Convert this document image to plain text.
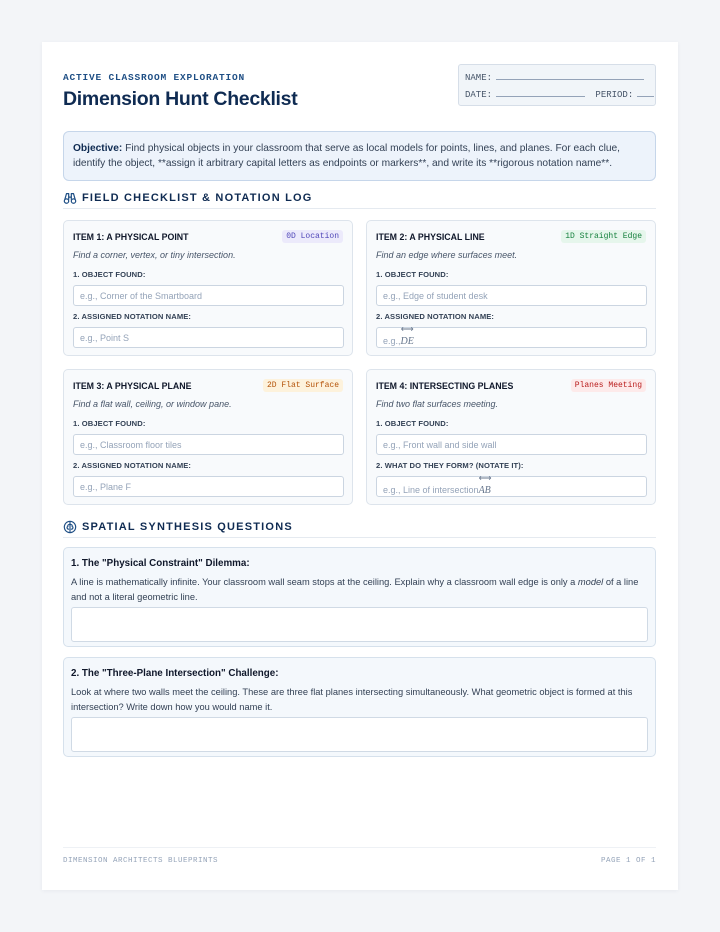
ACTIVE CLASSROOM EXPLORATION
Dimension Hunt Checklist
NAME:
DATE:	PERIOD:
Objective: Find physical objects in your classroom that serve as local models for points, lines, and planes. For each clue, identify the object, **assign it arbitrary capital letters as endpoints or markers**, and write its **rigorous notation name**.
FIELD CHECKLIST & NOTATION LOG
ITEM 1: A PHYSICAL POINT	0D Location
Find a corner, vertex, or tiny intersection.
1. OBJECT FOUND:
e.g., Corner of the Smartboard
2. ASSIGNED NOTATION NAME:
e.g., Point S
ITEM 2: A PHYSICAL LINE	1D Straight Edge
Find an edge where surfaces meet.
1. OBJECT FOUND:
e.g., Edge of student desk
2. ASSIGNED NOTATION NAME:
e.g.,
⟷
DE
ITEM 3: A PHYSICAL PLANE	2D Flat Surface
Find a flat wall, ceiling, or window pane.
1. OBJECT FOUND:
e.g., Classroom floor tiles
2. ASSIGNED NOTATION NAME:
e.g., Plane F
ITEM 4: INTERSECTING PLANES	Planes Meeting
Find two flat surfaces meeting.
1. OBJECT FOUND:
e.g., Front wall and side wall
2. WHAT DO THEY FORM? (NOTATE IT):
e.g., Line of intersection
⟷
AB
SPATIAL SYNTHESIS QUESTIONS
1. The "Physical Constraint" Dilemma:
A line is mathematically infinite. Your classroom wall seam stops at the ceiling. Explain why a classroom wall edge is only a model of a line and not a literal geometric line.
2. The "Three-Plane Intersection" Challenge:
Look at where two walls meet the ceiling. These are three flat planes intersecting simultaneously. What geometric object is formed at this intersection? Write down how you would name it.
DIMENSION ARCHITECTS BLUEPRINTS	PAGE 1 OF 1
